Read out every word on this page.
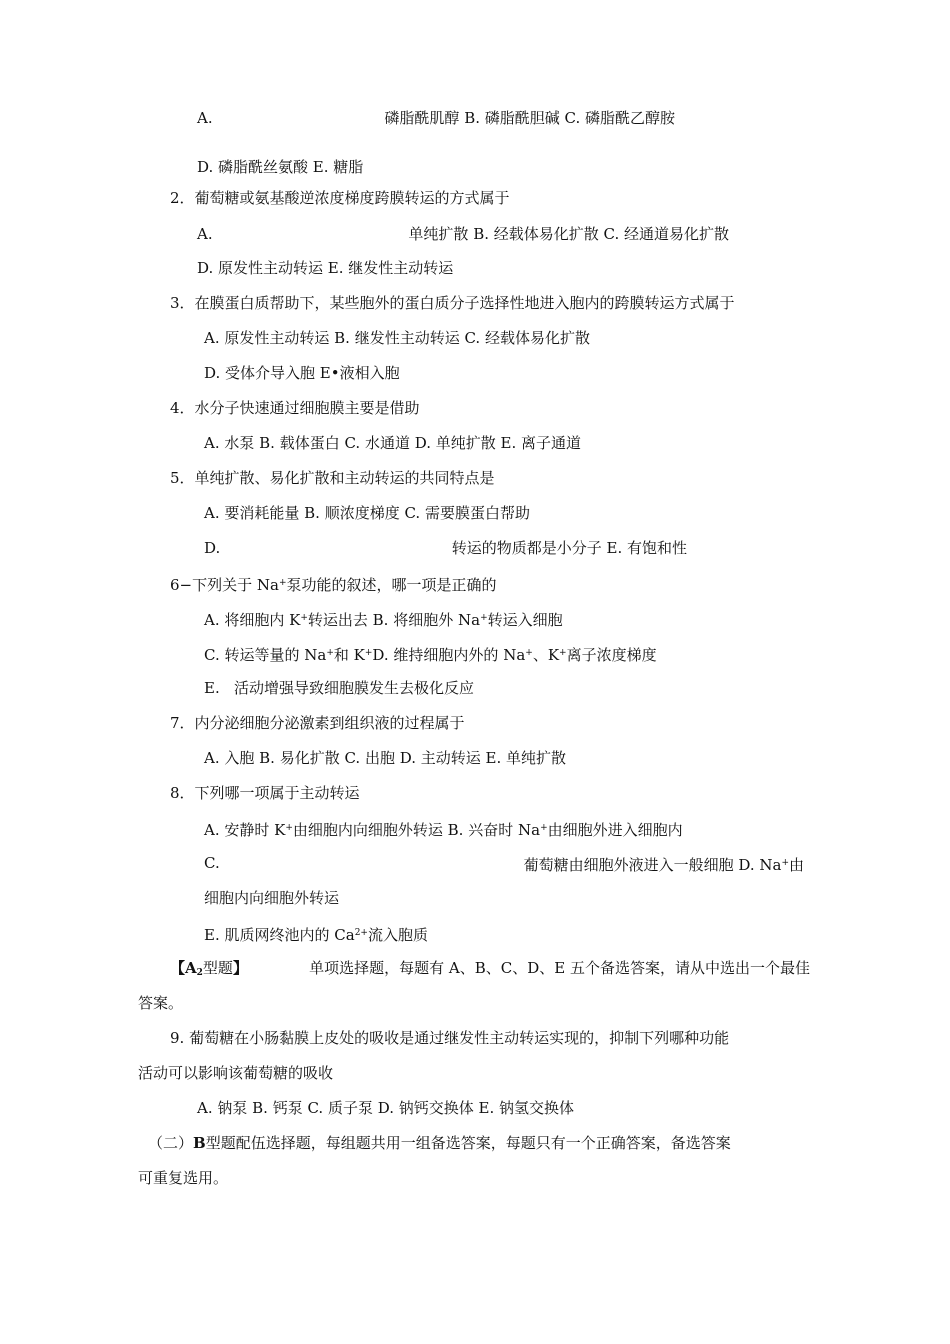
A.	磷脂酰肌醇 B. 磷脂酰胆碱 C. 磷脂酰乙醇胺
D. 磷脂酰丝氨酸 E. 糖脂
2．葡萄糖或氨基酸逆浓度梯度跨膜转运的方式属于
A.	单纯扩散 B. 经载体易化扩散 C. 经通道易化扩散
D. 原发性主动转运 E. 继发性主动转运
3．在膜蛋白质帮助下，某些胞外的蛋白质分子选择性地进入胞内的跨膜转运方式属于
A. 原发性主动转运 B. 继发性主动转运 C. 经载体易化扩散
D. 受体介导入胞 E•液相入胞
4．水分子快速通过细胞膜主要是借助
A. 水泵 B. 载体蛋白 C. 水通道 D. 单纯扩散 E. 离子通道
5．单纯扩散、易化扩散和主动转运的共同特点是
A. 要消耗能量 B. 顺浓度梯度 C. 需要膜蛋白帮助
D.	转运的物质都是小分子 E. 有饱和性
6−下列关于 Na+泵功能的叙述，哪一项是正确的
A. 将细胞内 K+转运出去 B. 将细胞外 Na+转运入细胞
C. 转运等量的 Na+和 K+D. 维持细胞内外的 Na+、K+离子浓度梯度
E.   活动增强导致细胞膜发生去极化反应
7．内分泌细胞分泌激素到组织液的过程属于
A. 入胞 B. 易化扩散 C. 出胞 D. 主动转运 E. 单纯扩散
8．下列哪一项属于主动转运
A. 安静时 K+由细胞内向细胞外转运 B. 兴奋时 Na+由细胞外进入细胞内
C.	葡萄糖由细胞外液进入一般细胞 D. Na+由
细胞内向细胞外转运
E. 肌质网终池内的 $Ca^{2+}$流入胞质
【$A_2$型题】	单项选择题，每题有 A、B、C、D、E 五个备选答案，请从中选出一个最佳
答案。
9. 葡萄糖在小肠黏膜上皮处的吸收是通过继发性主动转运实现的，抑制下列哪种功能
活动可以影响该葡萄糖的吸收
A. 钠泵 B. 钙泵 C. 质子泵 D. 钠钙交换体 E. 钠氢交换体
（二）B型题配伍选择题，每组题共用一组备选答案，每题只有一个正确答案，备选答案
可重复选用。
